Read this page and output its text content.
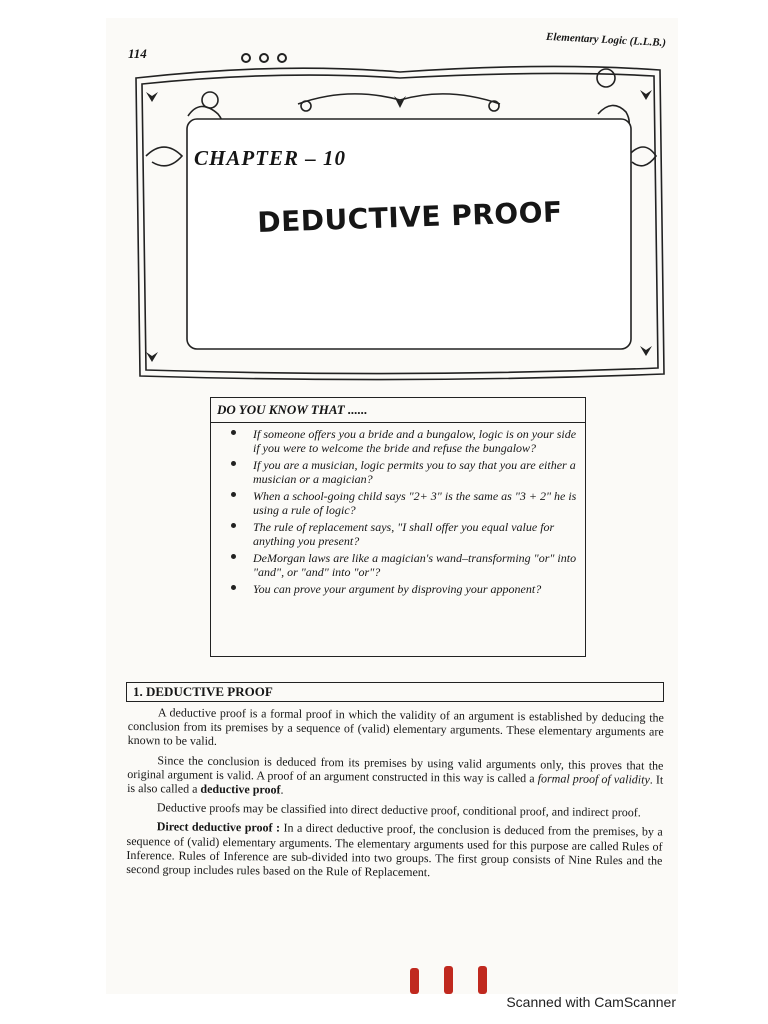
114
Elementary Logic (L.L.B.)
CHAPTER – 10
DEDUCTIVE PROOF
DO YOU KNOW THAT ......
If someone offers you a bride and a bungalow, logic is on your side if you were to welcome the bride and refuse the bungalow?
If you are a musician, logic permits you to say that you are either a musician or a magician?
When a school-going child says "2+ 3" is the same as "3 + 2" he is using a rule of logic?
The rule of replacement says, "I shall offer you equal value for anything you present?
DeMorgan laws are like a magician's wand–transforming "or" into "and", or "and" into "or"?
You can prove your argument by disproving your apponent?
1. DEDUCTIVE PROOF

A deductive proof is a formal proof in which the validity of an argument is established by deducing the conclusion from its premises by a sequence of (valid) elementary arguments. These elementary arguments are known to be valid.

Since the conclusion is deduced from its premises by using valid arguments only, this proves that the original argument is valid. A proof of an argument constructed in this way is called a formal proof of validity. It is also called a deductive proof.

Deductive proofs may be classified into direct deductive proof, conditional proof, and indirect proof.

Direct deductive proof : In a direct deductive proof, the conclusion is deduced from the premises, by a sequence of (valid) elementary arguments. The elementary arguments used for this purpose are called Rules of Inference. Rules of Inference are sub-divided into two groups. The first group consists of Nine Rules and the second group includes rules based on the Rule of Replacement.

Scanned with CamScanner
